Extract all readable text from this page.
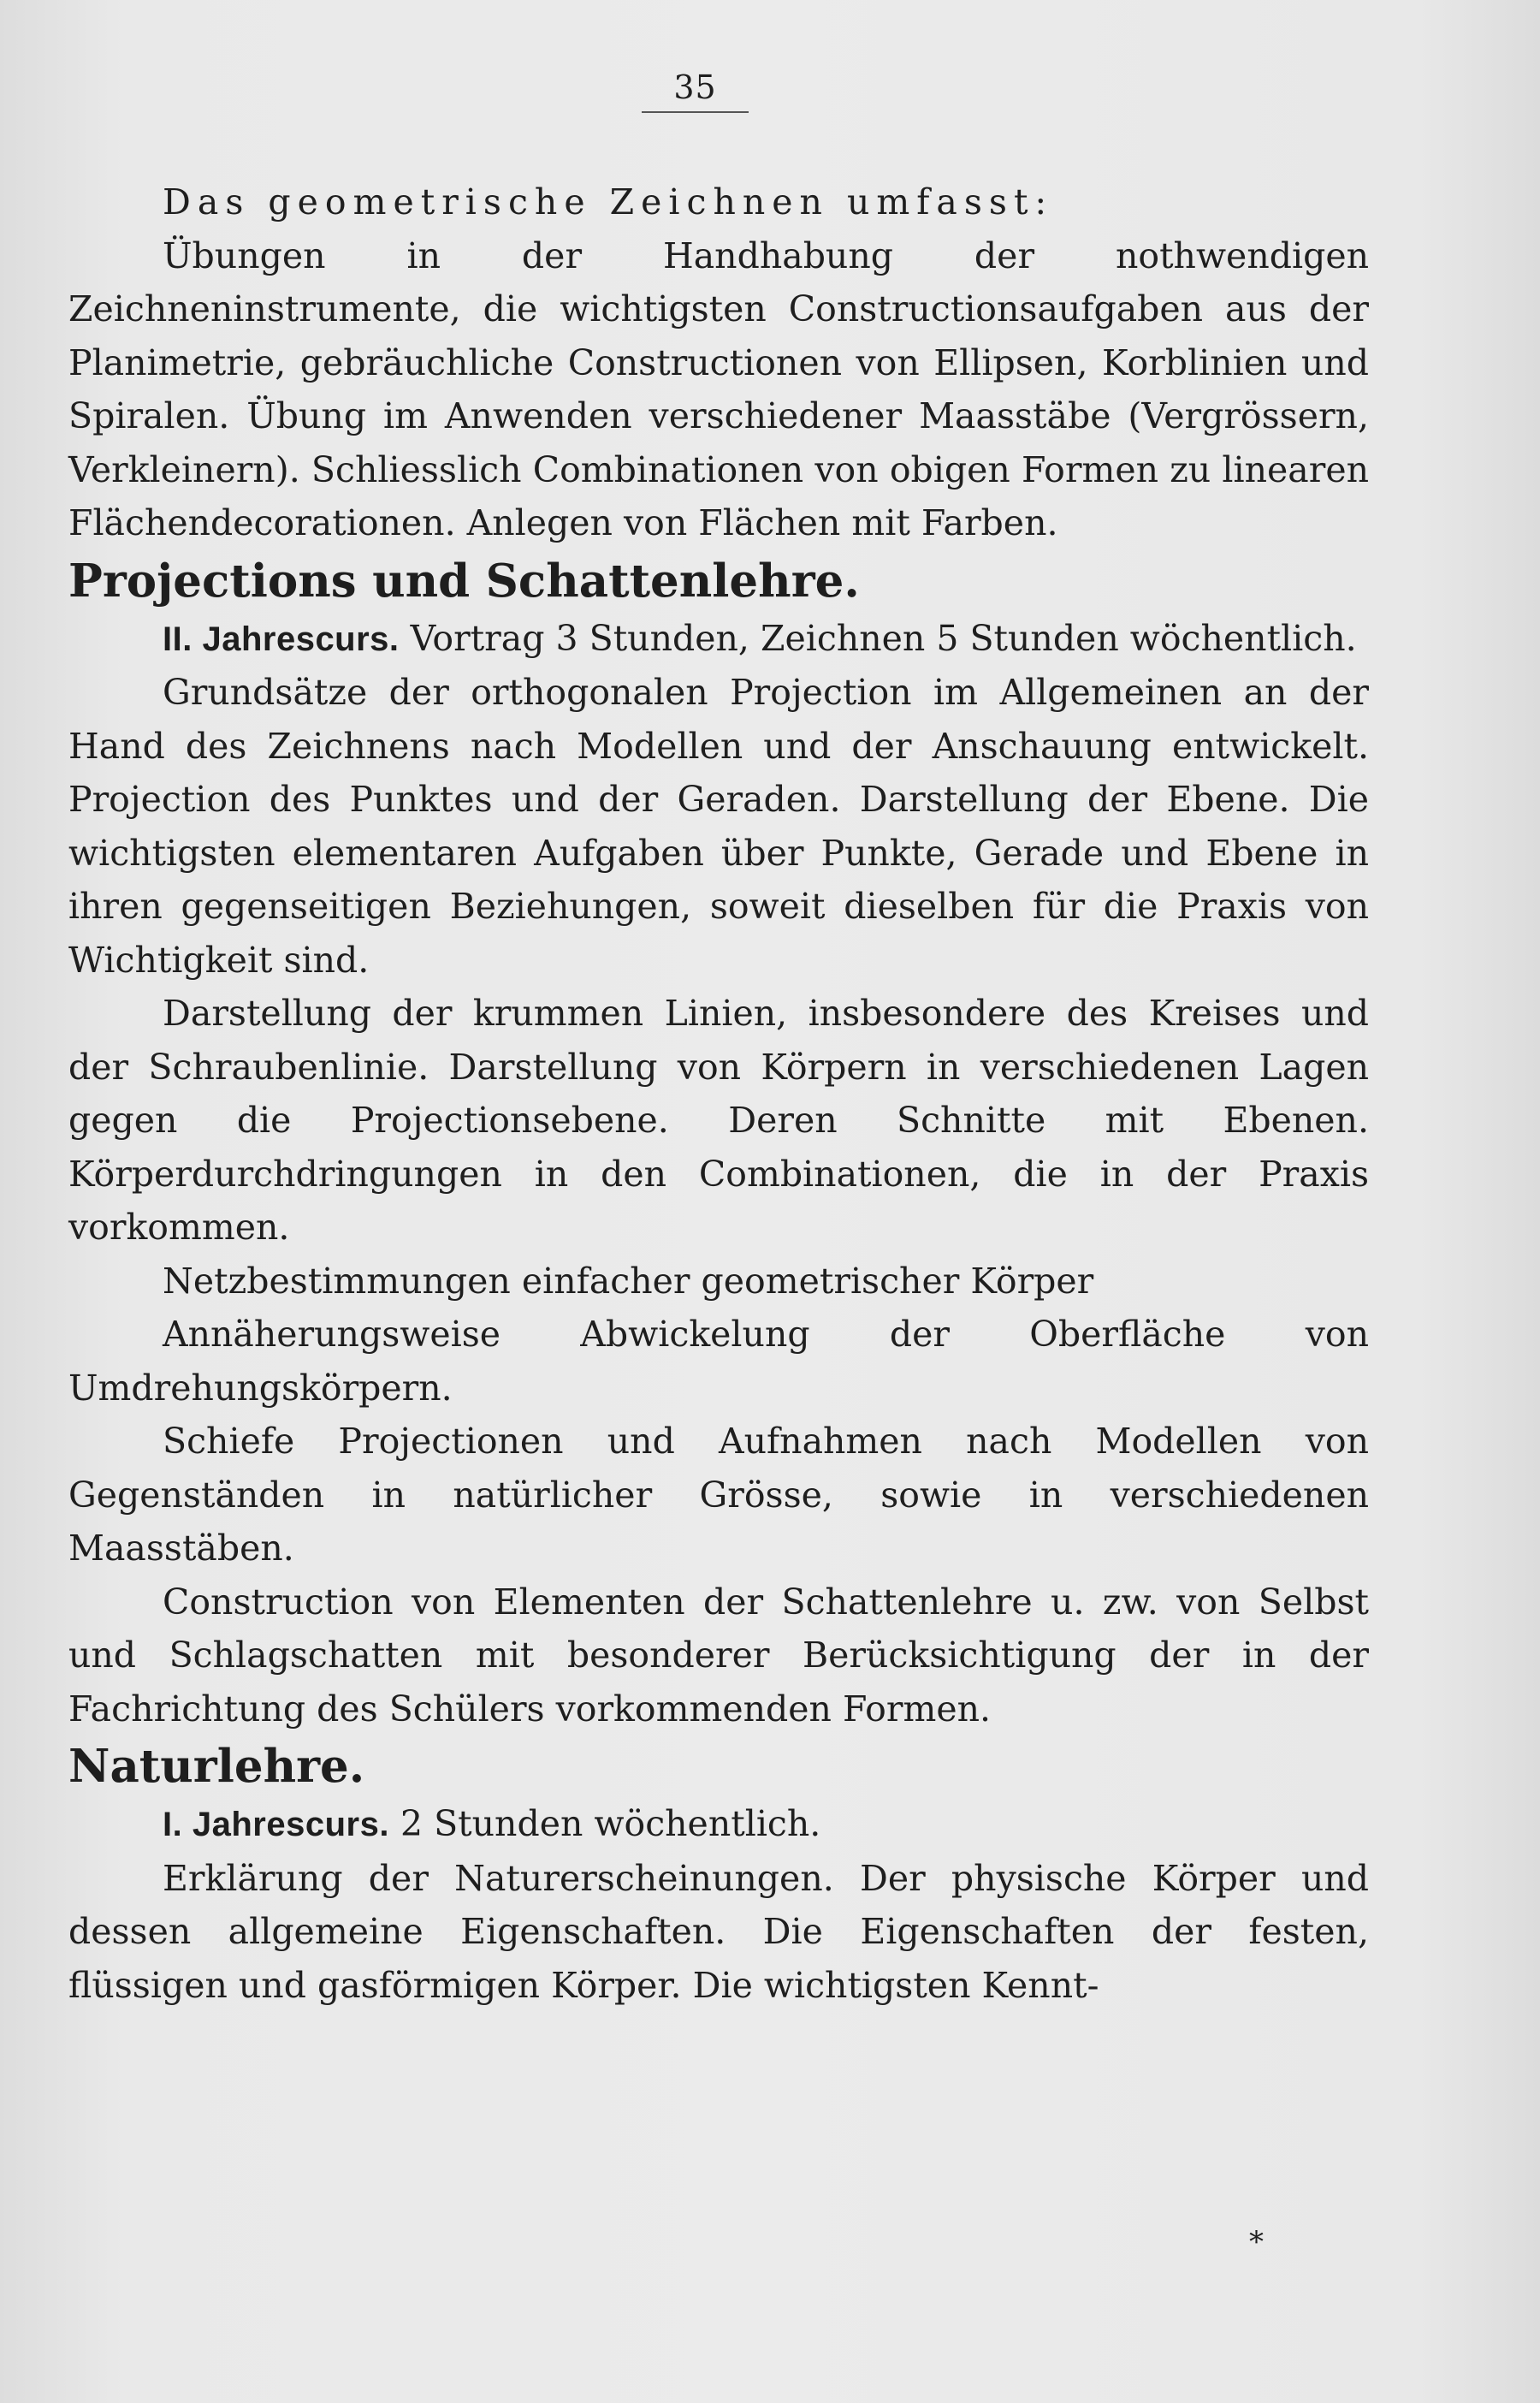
35

Das geometrische Zeichnen umfasst:

Übungen in der Handhabung der nothwendigen Zeichneninstrumente, die wichtigsten Constructionsaufgaben aus der Planimetrie, gebräuchliche Constructionen von Ellipsen, Korblinien und Spiralen. Übung im Anwenden verschiedener Maasstäbe (Vergrössern, Verkleinern). Schliesslich Combinationen von obigen Formen zu linearen Flächendecorationen. Anlegen von Flächen mit Farben.

Projections und Schattenlehre.

II. Jahrescurs. Vortrag 3 Stunden, Zeichnen 5 Stunden wöchentlich.

Grundsätze der orthogonalen Projection im Allgemeinen an der Hand des Zeichnens nach Modellen und der Anschauung entwickelt. Projection des Punktes und der Geraden. Darstellung der Ebene. Die wichtigsten elementaren Aufgaben über Punkte, Gerade und Ebene in ihren gegenseitigen Beziehungen, soweit dieselben für die Praxis von Wichtigkeit sind.

Darstellung der krummen Linien, insbesondere des Kreises und der Schraubenlinie. Darstellung von Körpern in verschiedenen Lagen gegen die Projectionsebene. Deren Schnitte mit Ebenen. Körperdurchdringungen in den Combinationen, die in der Praxis vorkommen.

Netzbestimmungen einfacher geometrischer Körper

Annäherungsweise Abwickelung der Oberfläche von Umdrehungskörpern.

Schiefe Projectionen und Aufnahmen nach Modellen von Gegenständen in natürlicher Grösse, sowie in verschiedenen Maasstäben.

Construction von Elementen der Schattenlehre u. zw. von Selbst und Schlagschatten mit besonderer Berücksichtigung der in der Fachrichtung des Schülers vorkommenden Formen.

Naturlehre.

I. Jahrescurs. 2 Stunden wöchentlich.

Erklärung der Naturerscheinungen. Der physische Körper und dessen allgemeine Eigenschaften. Die Eigenschaften der festen, flüssigen und gasförmigen Körper. Die wichtigsten Kennt-

*
